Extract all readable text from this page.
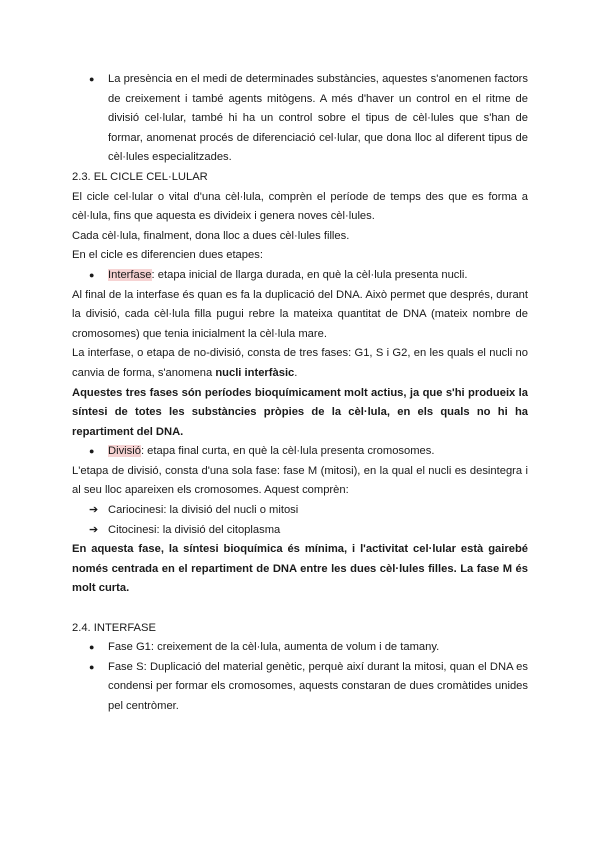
● La presència en el medi de determinades substàncies, aquestes s'anomenen factors de creixement i també agents mitògens. A més d'haver un control en el ritme de divisió cel·lular, també hi ha un control sobre el tipus de cèl·lules que s'han de formar, anomenat procés de diferenciació cel·lular, que dona lloc al diferent tipus de cèl·lules especialitzades.

2.3. EL CICLE CEL·LULAR

El cicle cel·lular o vital d'una cèl·lula, comprèn el període de temps des que es forma a cèl·lula, fins que aquesta es divideix i genera noves cèl·lules.

Cada cèl·lula, finalment, dona lloc a dues cèl·lules filles.

En el cicle es diferencien dues etapes:

● Interfase: etapa inicial de llarga durada, en què la cèl·lula presenta nucli.

Al final de la interfase és quan es fa la duplicació del DNA. Això permet que després, durant la divisió, cada cèl·lula filla pugui rebre la mateixa quantitat de DNA (mateix nombre de cromosomes) que tenia inicialment la cèl·lula mare.

La interfase, o etapa de no-divisió, consta de tres fases: G1, S i G2, en les quals el nucli no canvia de forma, s'anomena nucli interfàsic.

Aquestes tres fases són períodes bioquímicament molt actius, ja que s'hi produeix la síntesi de totes les substàncies pròpies de la cèl·lula, en els quals no hi ha repartiment del DNA.

● Divisió: etapa final curta, en què la cèl·lula presenta cromosomes.

L'etapa de divisió, consta d'una sola fase: fase M (mitosi), en la qual el nucli es desintegra i al seu lloc apareixen els cromosomes. Aquest comprèn:

➔ Cariocinesi: la divisió del nucli o mitosi
➔ Citocinesi: la divisió del citoplasma

En aquesta fase, la síntesi bioquímica és mínima, i l'activitat cel·lular està gairebé només centrada en el repartiment de DNA entre les dues cèl·lules filles. La fase M és molt curta.

2.4. INTERFASE

● Fase G1: creixement de la cèl·lula, aumenta de volum i de tamany.
● Fase S: Duplicació del material genètic, perquè així durant la mitosi, quan el DNA es condensi per formar els cromosomes, aquests constaran de dues cromàtides unides pel centròmer.
